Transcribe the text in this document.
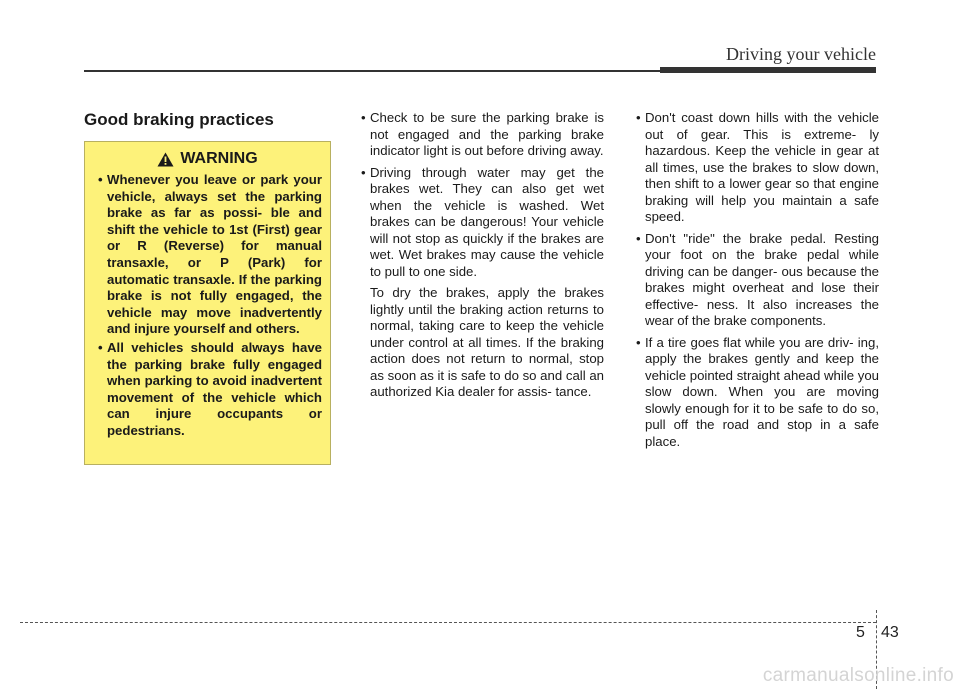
Driving your vehicle
Good braking practices
WARNING
• Whenever you leave or park your vehicle, always set the parking brake as far as possi- ble and shift the vehicle to 1st (First) gear or R (Reverse) for manual transaxle, or P (Park) for automatic transaxle. If the parking brake is not fully engaged, the vehicle may move inadvertently and injure yourself and others.
• All vehicles should always have the parking brake fully engaged when parking to avoid inadvertent movement of the vehicle which can injure occupants or pedestrians.
• Check to be sure the parking brake is not engaged and the parking brake indicator light is out before driving away.
• Driving through water may get the brakes wet. They can also get wet when the vehicle is washed. Wet brakes can be dangerous! Your vehicle will not stop as quickly if the brakes are wet. Wet brakes may cause the vehicle to pull to one side.

To dry the brakes, apply the brakes lightly until the braking action returns to normal, taking care to keep the vehicle under control at all times. If the braking action does not return to normal, stop as soon as it is safe to do so and call an authorized Kia dealer for assis- tance.

• Don't coast down hills with the vehicle out of gear. This is extreme- ly hazardous. Keep the vehicle in gear at all times, use the brakes to slow down, then shift to a lower gear so that engine braking will help you maintain a safe speed.
• Don't "ride" the brake pedal. Resting your foot on the brake pedal while driving can be danger- ous because the brakes might overheat and lose their effective- ness. It also increases the wear of the brake components.
• If a tire goes flat while you are driv- ing, apply the brakes gently and keep the vehicle pointed straight ahead while you slow down. When you are moving slowly enough for it to be safe to do so, pull off the road and stop in a safe place.
5 43
carmanualsonline.info
